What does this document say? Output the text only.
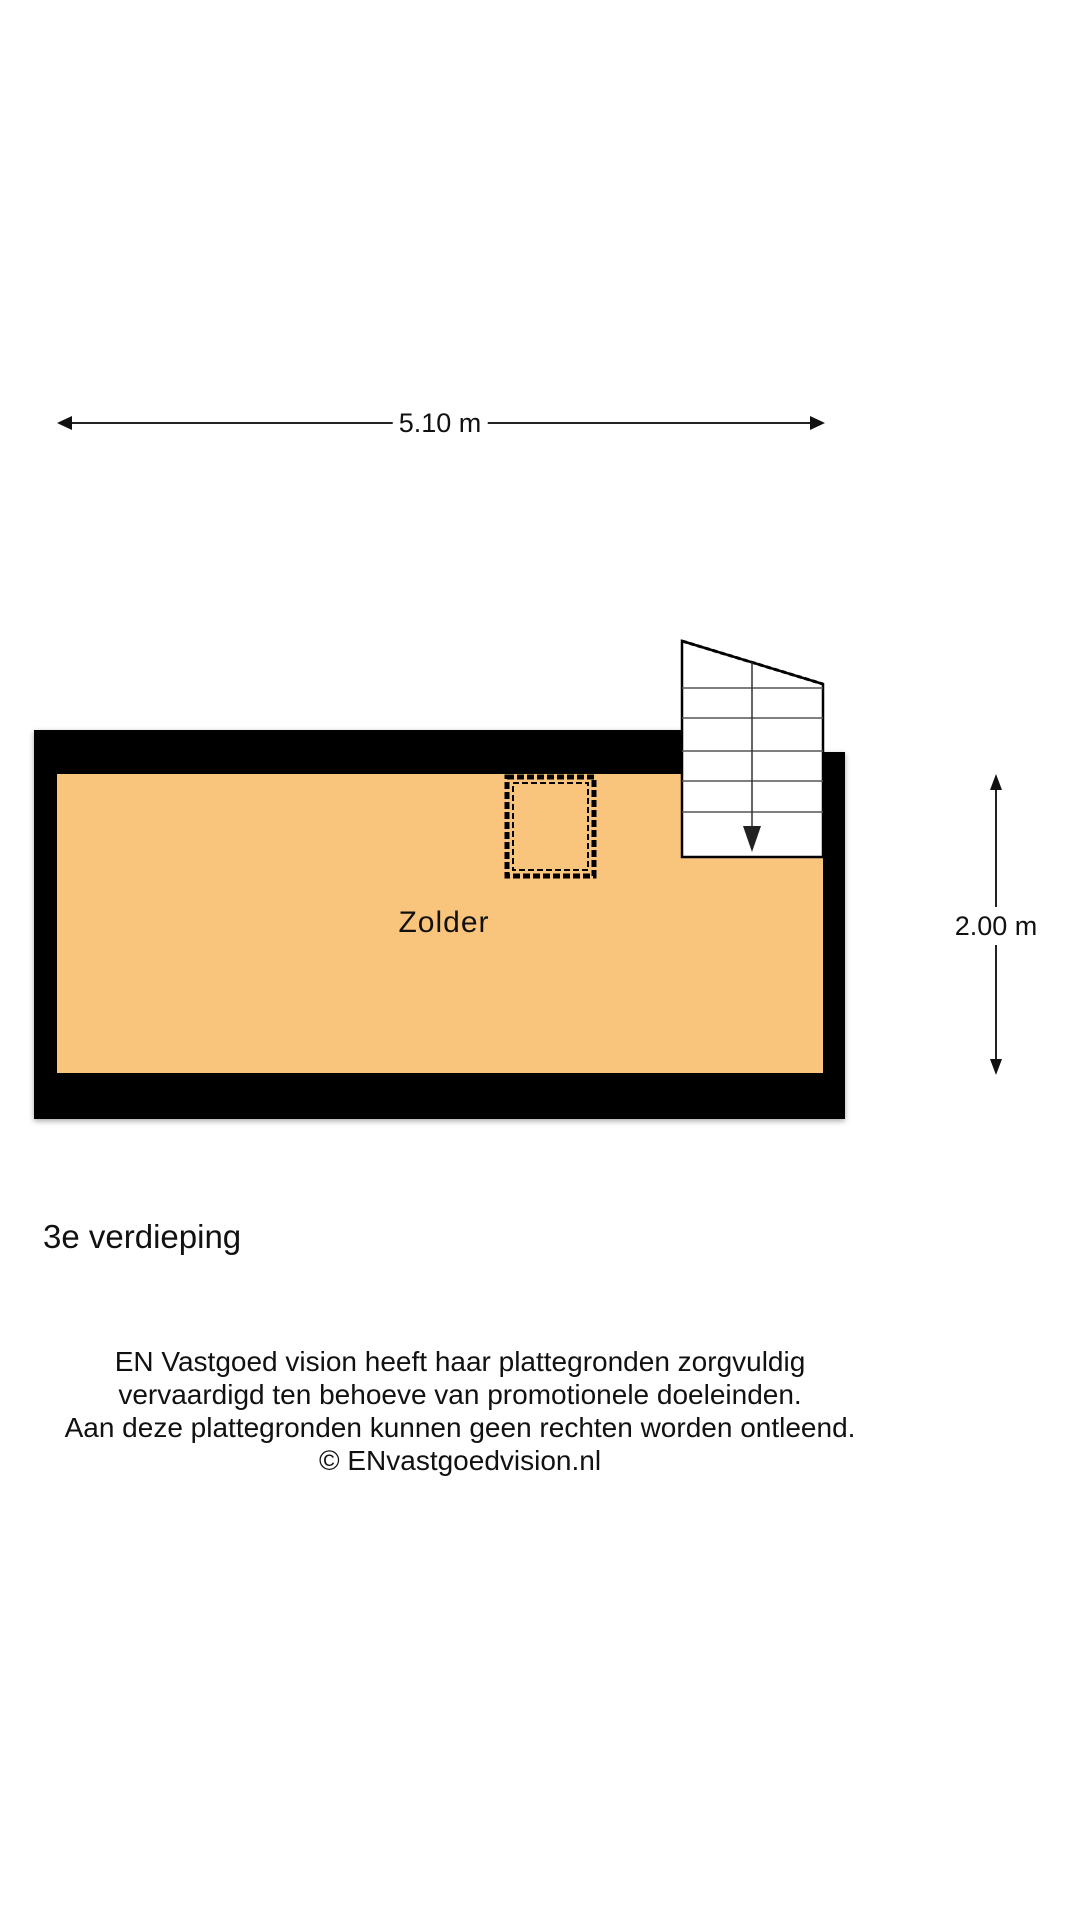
5.10 m
2.00 m
Zolder
3e verdieping
EN Vastgoed vision heeft haar plattegronden zorgvuldig
vervaardigd ten behoeve van promotionele doeleinden.
Aan deze plattegronden kunnen geen rechten worden ontleend.
© ENvastgoedvision.nl
